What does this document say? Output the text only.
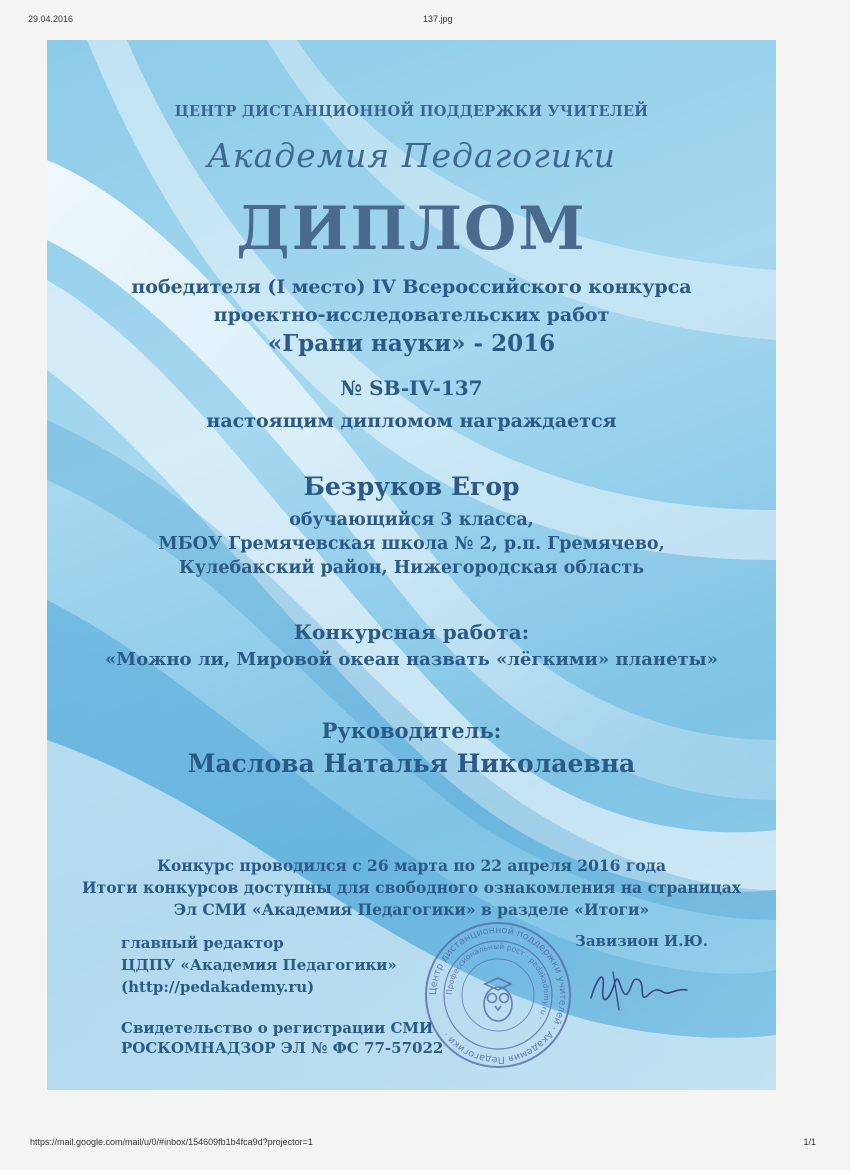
29.04.2016	137.jpg
ЦЕНТР ДИСТАНЦИОННОЙ ПОДДЕРЖКИ УЧИТЕЛЕЙ
Академия Педагогики
ДИПЛОМ
победителя (I место) IV Всероссийского конкурса
проектно-исследовательских работ
«Грани науки» - 2016
№ SB-IV-137
настоящим дипломом награждается
Безруков Егор
обучающийся 3 класса,
МБОУ Гремячевская школа № 2, р.п. Гремячево,
Кулебакский район, Нижегородская область
Конкурсная работа:
«Можно ли, Мировой океан назвать «лёгкими» планеты»
Руководитель:
Маслова Наталья Николаевна
Конкурс проводился с 26 марта по 22 апреля 2016 года
Итоги конкурсов доступны для свободного ознакомления на страницах
Эл СМИ «Академия Педагогики» в разделе «Итоги»
главный редактор
ЦДПУ «Академия Педагогики»
(http://pedakademy.ru)
Свидетельство о регистрации СМИ
РОСКОМНАДЗОР ЭЛ № ФС 77-57022
Завизион И.Ю.
Центр дистанционной поддержки учителей · Академия Педагогики ·
Профессиональный рост · pedakademy.ru ·
https://mail.google.com/mail/u/0/#inbox/154609fb1b4fca9d?projector=1	1/1
